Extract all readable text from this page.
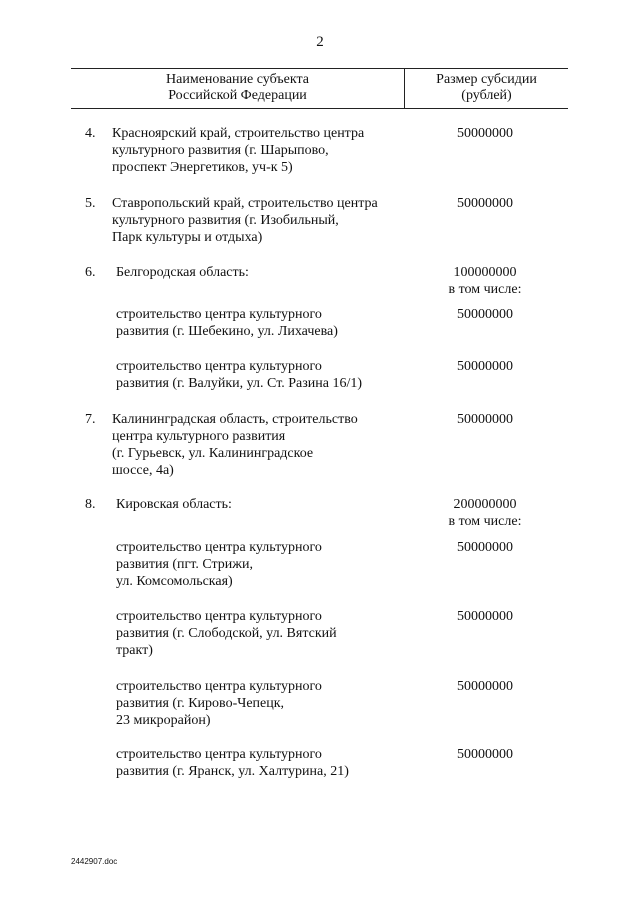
2
Наименование субъекта
Российской Федерации
Размер субсидии
(рублей)
4. Красноярский край, строительство центра
культурного развития (г. Шарыпово,
проспект Энергетиков, уч-к 5)
50000000
5. Ставропольский край, строительство центра
культурного развития (г. Изобильный,
Парк культуры и отдыха)
50000000
6. Белгородская область:	100000000
в том числе:
строительство центра культурного
развития (г. Шебекино, ул. Лихачева)
50000000
строительство центра культурного
развития (г. Валуйки, ул. Ст. Разина 16/1)
50000000
7. Калининградская область, строительство
центра культурного развития
(г. Гурьевск, ул. Калининградское
шоссе, 4а)
50000000
8. Кировская область:	200000000
в том числе:
строительство центра культурного
развития (пгт. Стрижи,
ул. Комсомольская)
50000000
строительство центра культурного
развития (г. Слободской, ул. Вятский
тракт)
50000000
строительство центра культурного
развития (г. Кирово-Чепецк,
23 микрорайон)
50000000
строительство центра культурного
развития (г. Яранск, ул. Халтурина, 21)
50000000
2442907.doc
